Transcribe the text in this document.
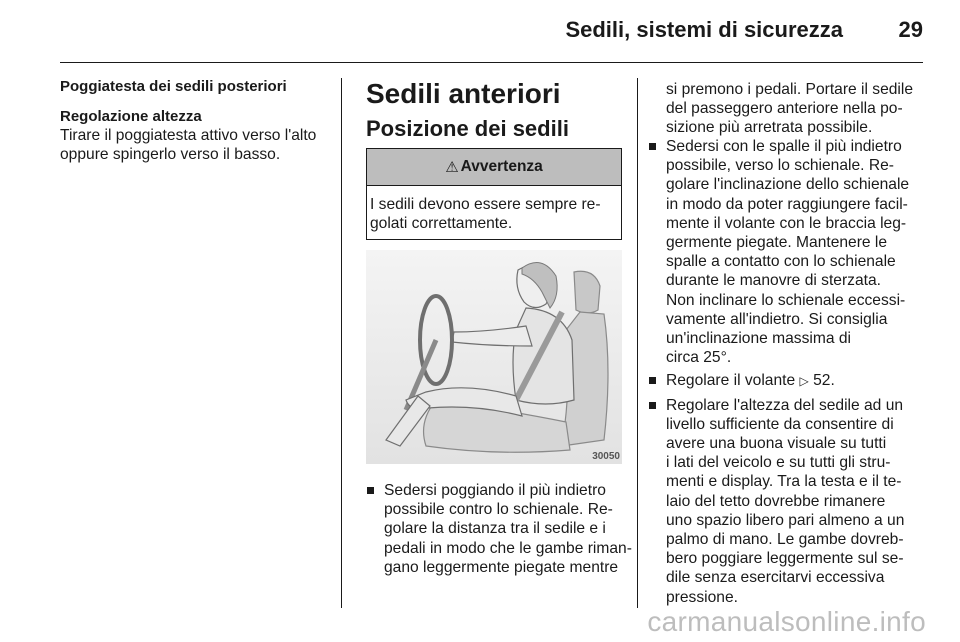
Sedili, sistemi di sicurezza	29
Poggiatesta dei sedili posteriori
Regolazione altezza
Tirare il poggiatesta attivo verso l'alto
oppure spingerlo verso il basso.
Sedili anteriori
Posizione dei sedili
⚠ Avvertenza
I sedili devono essere sempre re-
golati correttamente.
30050
Sedersi poggiando il più indietro
possibile contro lo schienale. Re-
golare la distanza tra il sedile e i
pedali in modo che le gambe riman-
gano leggermente piegate mentre
si premono i pedali. Portare il sedile
del passeggero anteriore nella po-
sizione più arretrata possibile.
Sedersi con le spalle il più indietro
possibile, verso lo schienale. Re-
golare l'inclinazione dello schienale
in modo da poter raggiungere facil-
mente il volante con le braccia leg-
germente piegate. Mantenere le
spalle a contatto con lo schienale
durante le manovre di sterzata.
Non inclinare lo schienale eccessi-
vamente all'indietro. Si consiglia
un'inclinazione massima di
circa 25°.
Regolare il volante ▷ 52.
Regolare l'altezza del sedile ad un
livello sufficiente da consentire di
avere una buona visuale su tutti
i lati del veicolo e su tutti gli stru-
menti e display. Tra la testa e il te-
laio del tetto dovrebbe rimanere
uno spazio libero pari almeno a un
palmo di mano. Le gambe dovreb-
bero poggiare leggermente sul se-
dile senza esercitarvi eccessiva
pressione.
carmanualsonline.info
